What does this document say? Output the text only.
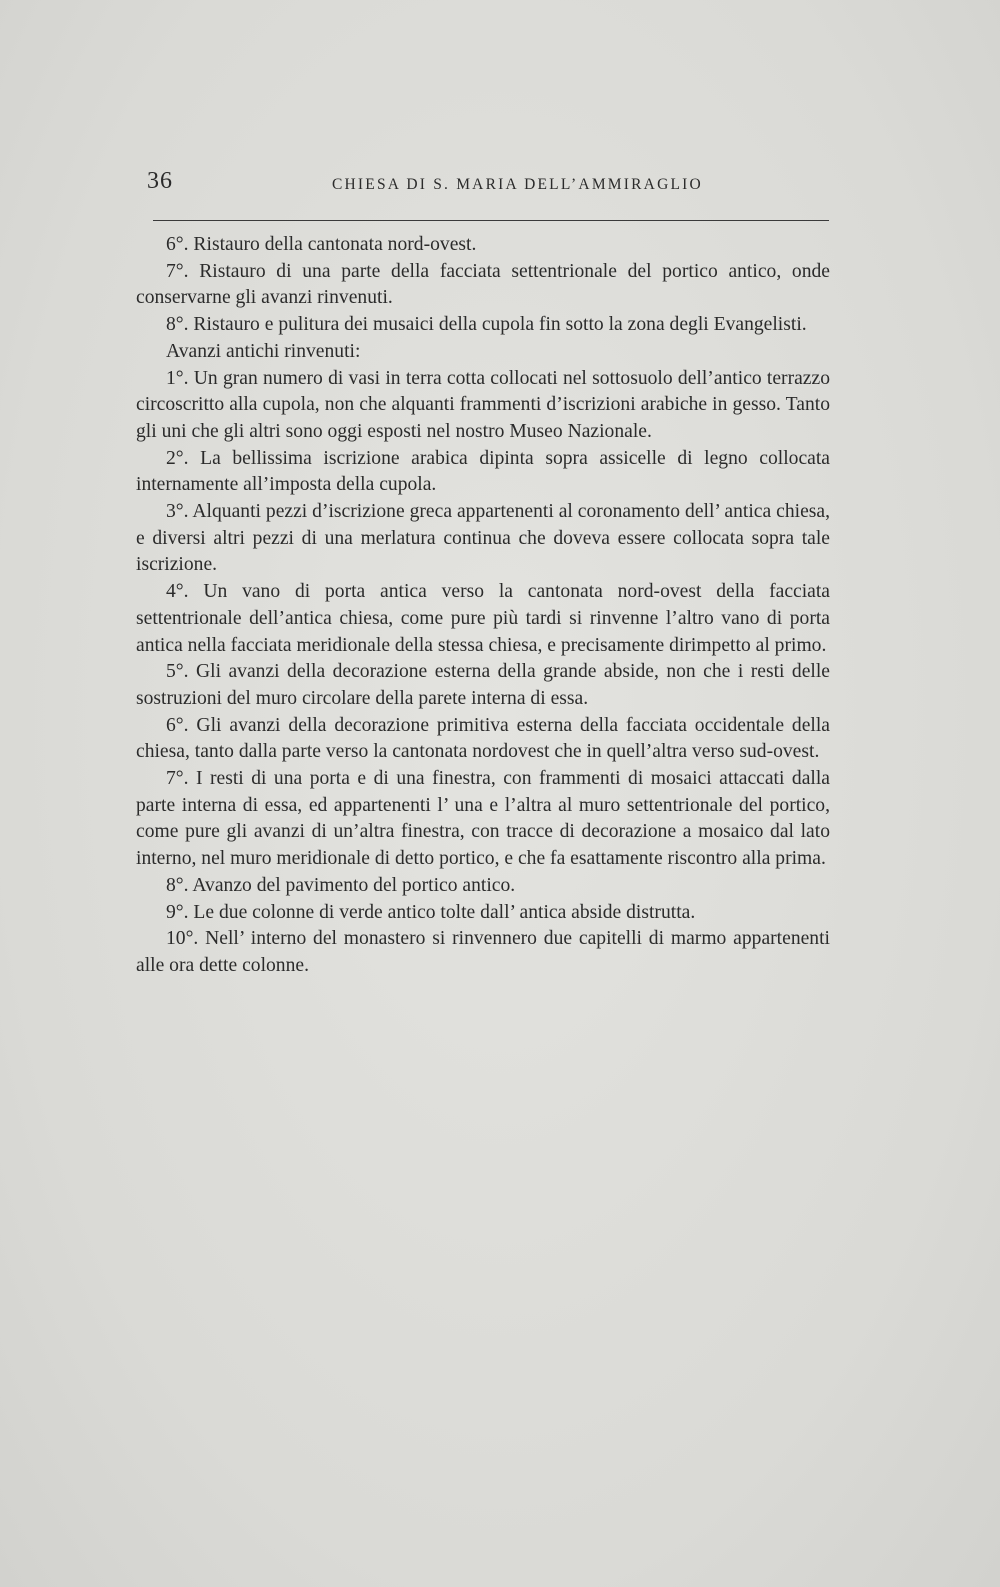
36	CHIESA DI S. MARIA DELL’AMMIRAGLIO

6°. Ristauro della cantonata nord-ovest.

7°. Ristauro di una parte della facciata settentrionale del portico antico, onde conservarne gli avanzi rinvenuti.

8°. Ristauro e pulitura dei musaici della cupola fin sotto la zona degli Evangelisti.

Avanzi antichi rinvenuti:

1°. Un gran numero di vasi in terra cotta collocati nel sottosuolo dell’antico terrazzo circoscritto alla cupola, non che alquanti frammenti d’iscrizioni arabiche in gesso. Tanto gli uni che gli altri sono oggi esposti nel nostro Museo Nazionale.

2°. La bellissima iscrizione arabica dipinta sopra assicelle di legno collocata internamente all’imposta della cupola.

3°. Alquanti pezzi d’iscrizione greca appartenenti al coronamento dell’ antica chiesa, e diversi altri pezzi di una merlatura continua che doveva essere collocata sopra tale iscrizione.

4°. Un vano di porta antica verso la cantonata nord-ovest della facciata settentrionale dell’antica chiesa, come pure più tardi si rinvenne l’altro vano di porta antica nella facciata meridionale della stessa chiesa, e precisamente dirimpetto al primo.

5°. Gli avanzi della decorazione esterna della grande abside, non che i resti delle sostruzioni del muro circolare della parete interna di essa.

6°. Gli avanzi della decorazione primitiva esterna della facciata occidentale della chiesa, tanto dalla parte verso la cantonata nordovest che in quell’altra verso sud-ovest.

7°. I resti di una porta e di una finestra, con frammenti di mosaici attaccati dalla parte interna di essa, ed appartenenti l’ una e l’altra al muro settentrionale del portico, come pure gli avanzi di un’altra finestra, con tracce di decorazione a mosaico dal lato interno, nel muro meridionale di detto portico, e che fa esattamente riscontro alla prima.

8°. Avanzo del pavimento del portico antico.

9°. Le due colonne di verde antico tolte dall’ antica abside distrutta.

10°. Nell’ interno del monastero si rinvennero due capitelli di marmo appartenenti alle ora dette colonne.
